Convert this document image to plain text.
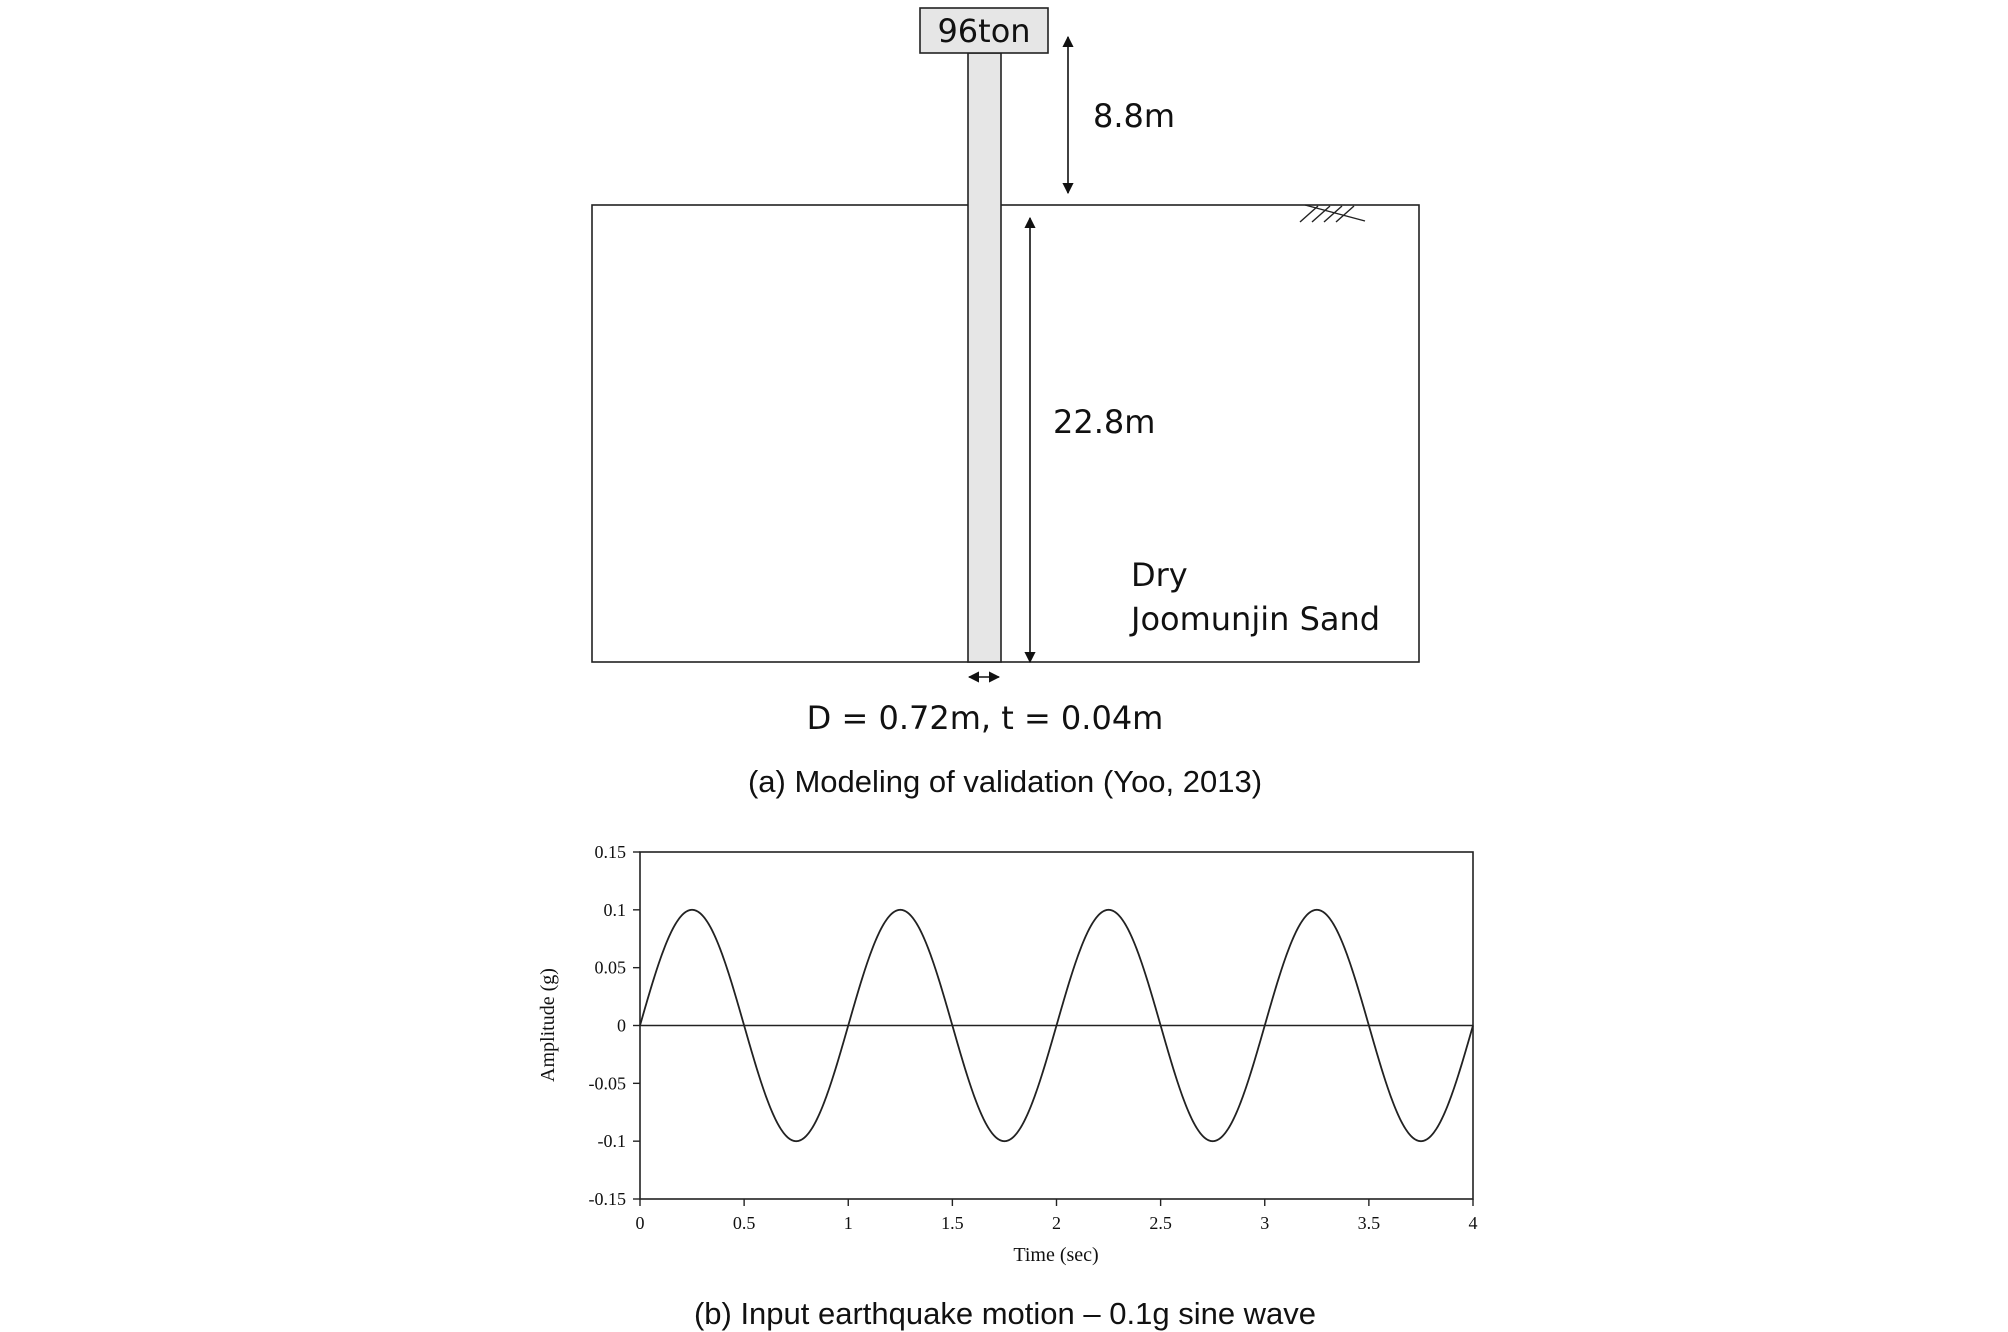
96ton
8.8m
22.8m
Dry
Joomunjin Sand
D = 0.72m, t = 0.04m
(a) Modeling of validation (Yoo, 2013)
0	0.5	1	1.5	2	2.5	3	3.5	4
0.15
0.1
0.05
0
-0.05
-0.1
-0.15
Time (sec)
Amplitude (g)
(b) Input earthquake motion – 0.1g sine wave
